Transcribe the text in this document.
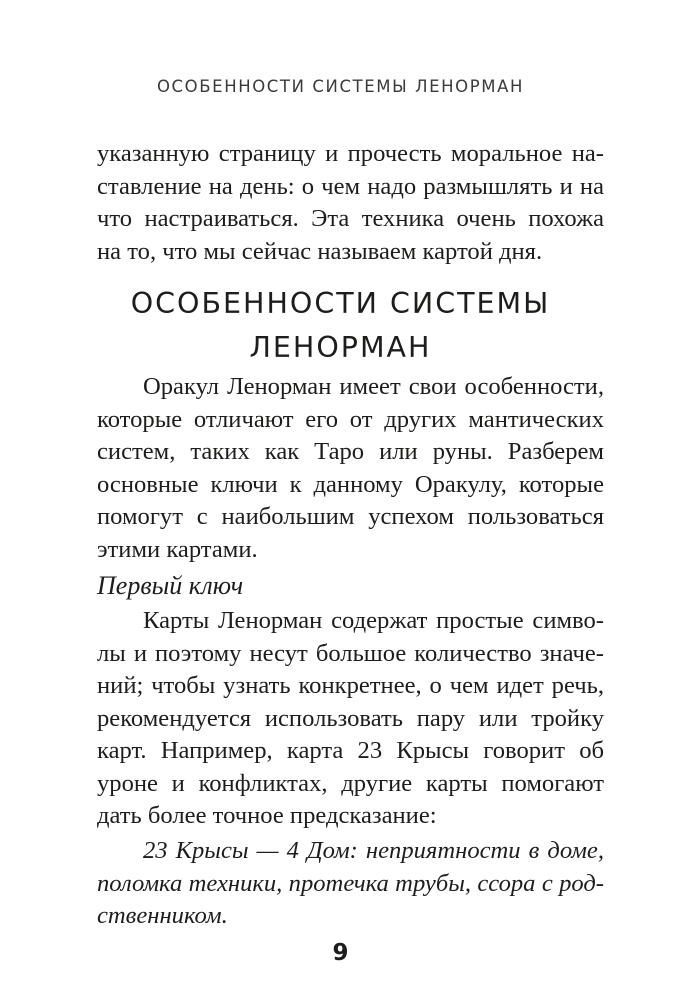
ОСОБЕННОСТИ СИСТЕМЫ ЛЕНОРМАН
указанную страницу и прочесть моральное на-
ставление на день: о чем надо размышлять и на
что настраиваться. Эта техника очень похожа
на то, что мы сейчас называем картой дня.
ОСОБЕННОСТИ СИСТЕМЫ
ЛЕНОРМАН
Оракул Ленорман имеет свои особенности,
которые отличают его от других мантических
систем, таких как Таро или руны. Разберем
основные ключи к данному Оракулу, которые
помогут с наибольшим успехом пользоваться
этими картами.
Первый ключ
Карты Ленорман содержат простые симво-
лы и поэтому несут большое количество значе-
ний; чтобы узнать конкретнее, о чем идет речь,
рекомендуется использовать пару или тройку
карт. Например, карта 23 Крысы говорит об
уроне и конфликтах, другие карты помогают
дать более точное предсказание:
23 Крысы — 4 Дом: неприятности в доме,
поломка техники, протечка трубы, ссора с род-
ственником.
9
